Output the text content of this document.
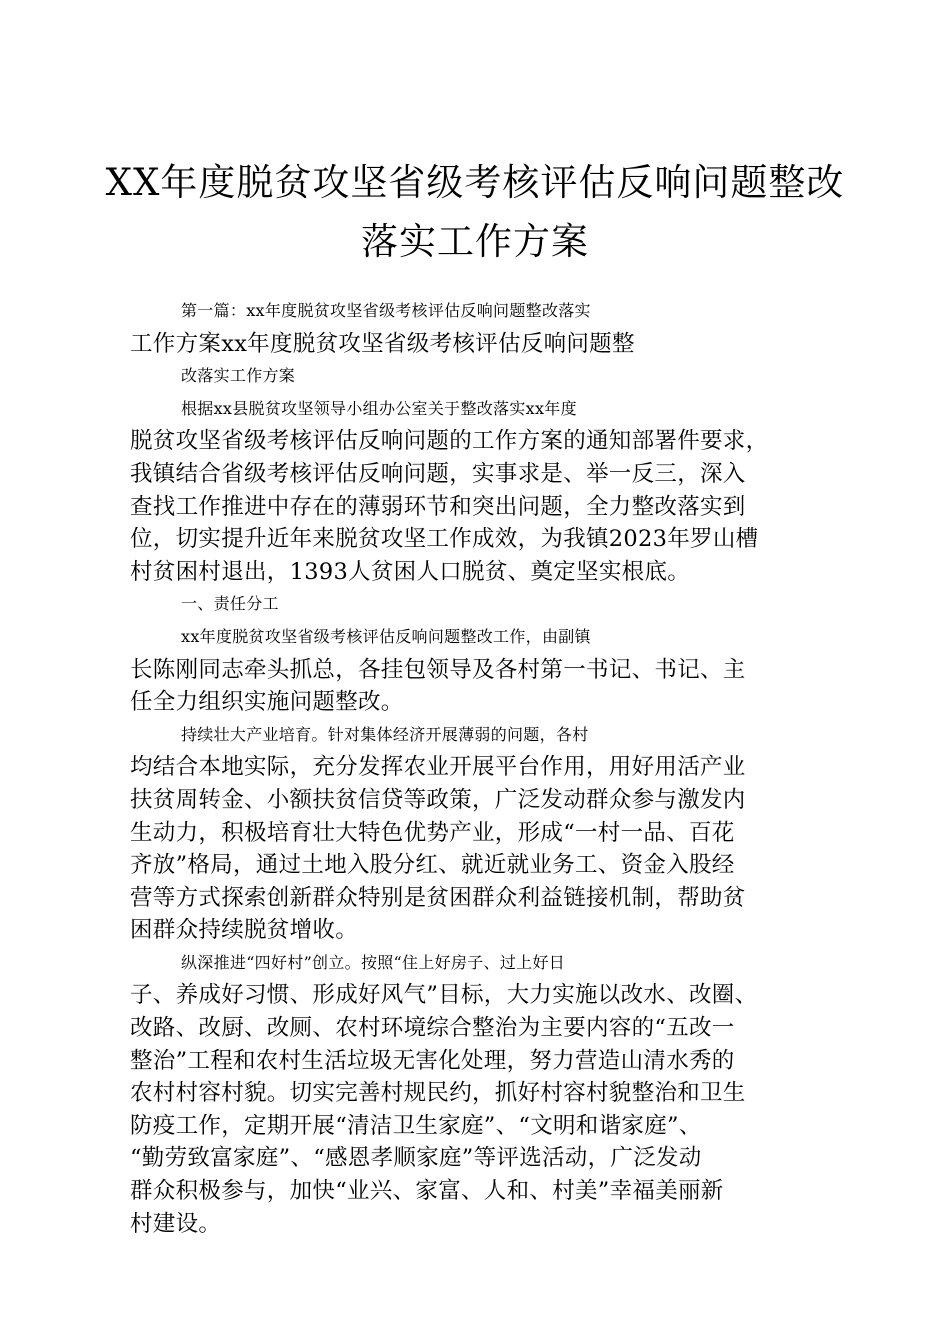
XX年度脱贫攻坚省级考核评估反响问题整改
落实工作方案
第一篇：xx年度脱贫攻坚省级考核评估反响问题整改落实
工作方案xx年度脱贫攻坚省级考核评估反响问题整
改落实工作方案
根据xx县脱贫攻坚领导小组办公室关于整改落实xx年度
脱贫攻坚省级考核评估反响问题的工作方案的通知部署件要求，
我镇结合省级考核评估反响问题，实事求是、举一反三，深入
查找工作推进中存在的薄弱环节和突出问题，全力整改落实到
位，切实提升近年来脱贫攻坚工作成效，为我镇2023年罗山槽
村贫困村退出，1393人贫困人口脱贫、奠定坚实根底。
一、责任分工
xx年度脱贫攻坚省级考核评估反响问题整改工作，由副镇
长陈刚同志牵头抓总，各挂包领导及各村第一书记、书记、主
任全力组织实施问题整改。
持续壮大产业培育。针对集体经济开展薄弱的问题，各村
均结合本地实际，充分发挥农业开展平台作用，用好用活产业
扶贫周转金、小额扶贫信贷等政策，广泛发动群众参与激发内
生动力，积极培育壮大特色优势产业，形成“一村一品、百花
齐放”格局，通过土地入股分红、就近就业务工、资金入股经
营等方式探索创新群众特别是贫困群众利益链接机制，帮助贫
困群众持续脱贫增收。
纵深推进“四好村”创立。按照“住上好房子、过上好日
子、养成好习惯、形成好风气”目标，大力实施以改水、改圈、
改路、改厨、改厕、农村环境综合整治为主要内容的“五改一
整治”工程和农村生活垃圾无害化处理，努力营造山清水秀的
农村村容村貌。切实完善村规民约，抓好村容村貌整治和卫生
防疫工作，定期开展“清洁卫生家庭”、“文明和谐家庭”、
“勤劳致富家庭”、“感恩孝顺家庭”等评选活动，广泛发动
群众积极参与，加快“业兴、家富、人和、村美”幸福美丽新
村建设。
